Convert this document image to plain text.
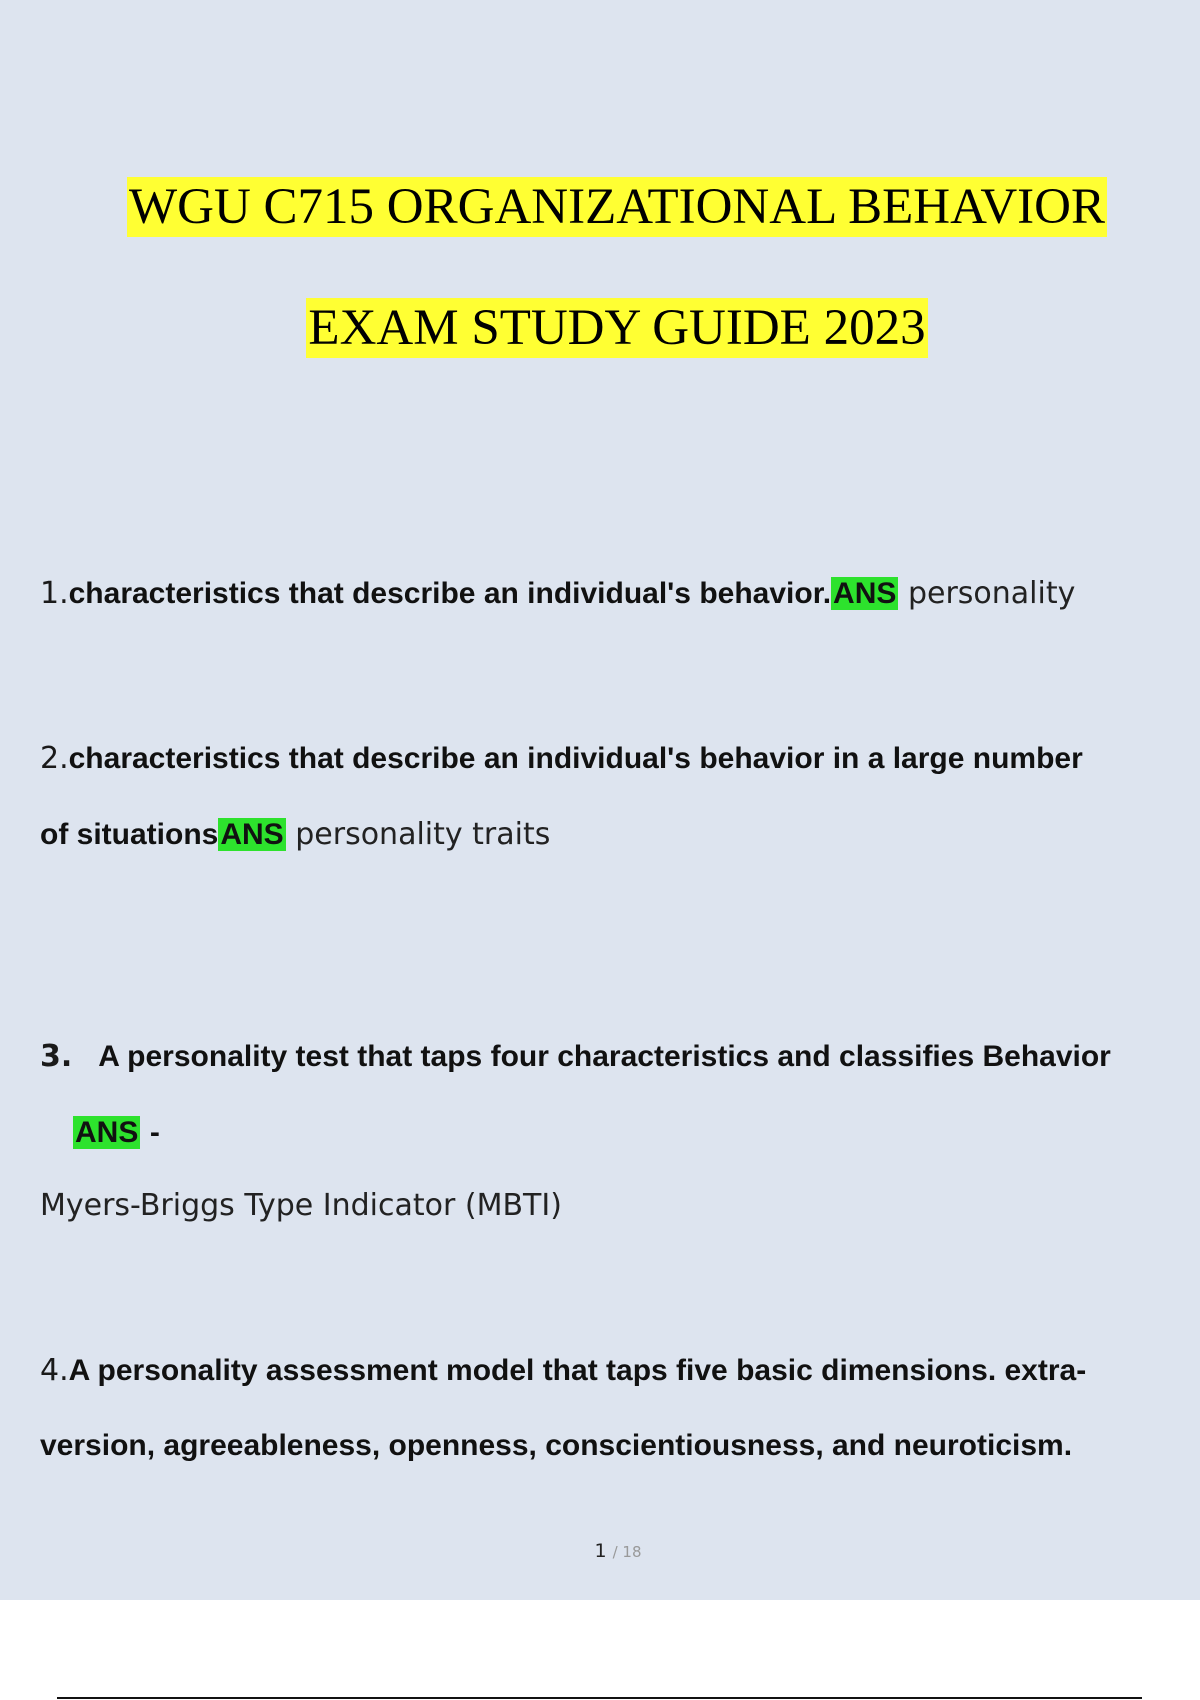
WGU C715 ORGANIZATIONAL BEHAVIOR
EXAM STUDY GUIDE 2023
1.characteristics that describe an individual's behavior.ANS personality
2.characteristics that describe an individual's behavior in a large number
of situationsANS personality traits
3. A personality test that taps four characteristics and classifies Behavior
ANS -
Myers-Briggs Type Indicator (MBTI)
4.A personality assessment model that taps five basic dimensions. extra-
version, agreeableness, openness, conscientiousness, and neuroticism.
1 / 18
